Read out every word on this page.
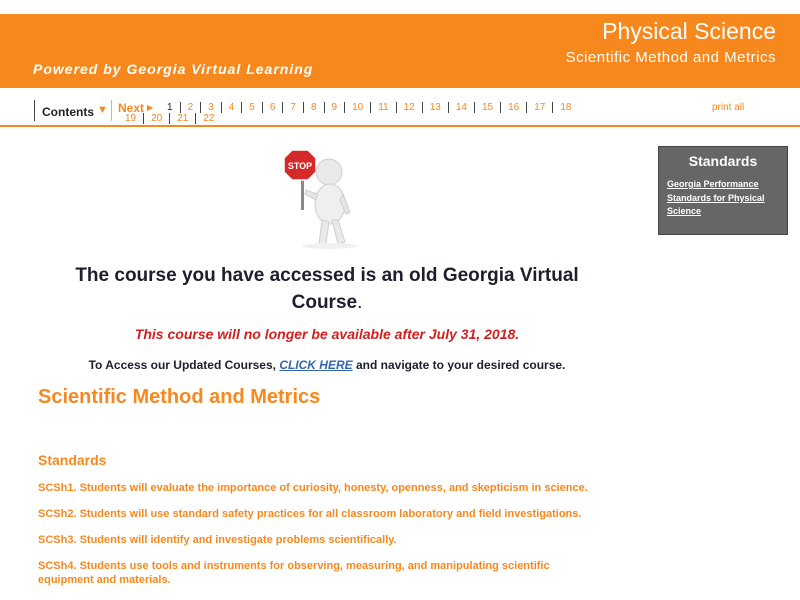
Physical Science
Scientific Method and Metrics
Powered by Georgia Virtual Learning
Contents ▼ Next ▶	1 2 3 4 5 6 7 8 9 10 11 12 13 14 15 16 17 18
19 20 21 22
print all
STOP
The course you have accessed is an old Georgia Virtual Course.
This course will no longer be available after July 31, 2018.
To Access our Updated Courses, CLICK HERE and navigate to your desired course.
Scientific Method and Metrics
Standards
SCSh1. Students will evaluate the importance of curiosity, honesty, openness, and skepticism in science.
SCSh2. Students will use standard safety practices for all classroom laboratory and field investigations.
SCSh3. Students will identify and investigate problems scientifically.
SCSh4. Students use tools and instruments for observing, measuring, and manipulating scientific equipment and materials.
Standards
Georgia Performance Standards for Physical Science
